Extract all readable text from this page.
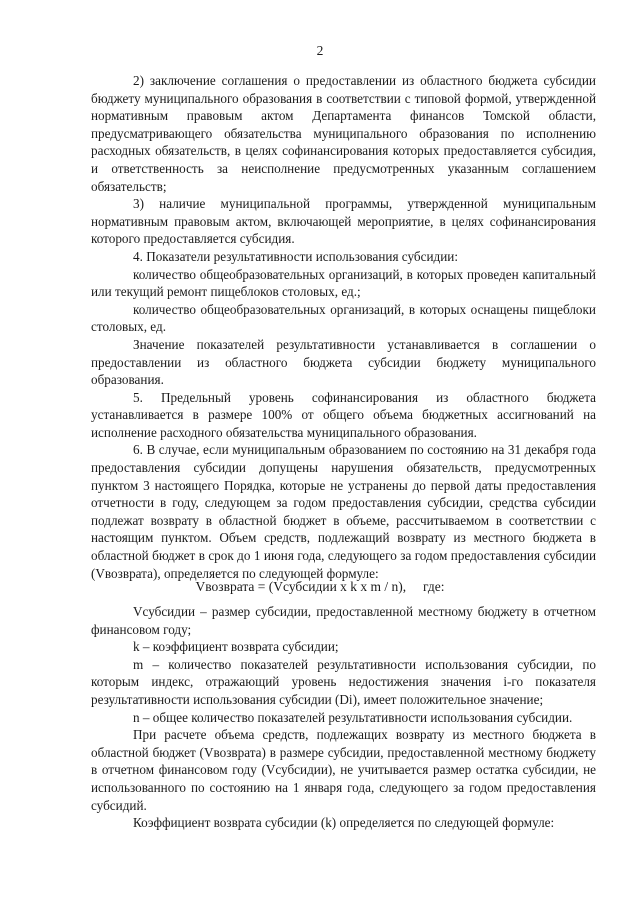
2

2) заключение соглашения о предоставлении из областного бюджета субсидии бюджету муниципального образования в соответствии с типовой формой, утвержденной нормативным правовым актом Департамента финансов Томской области, предусматривающего обязательства муниципального образования по исполнению расходных обязательств, в целях софинансирования которых предоставляется субсидия, и ответственность за неисполнение предусмотренных указанным соглашением обязательств;

3) наличие муниципальной программы, утвержденной муниципальным нормативным правовым актом, включающей мероприятие, в целях софинансирования которого предоставляется субсидия.

4. Показатели результативности использования субсидии:

количество общеобразовательных организаций, в которых проведен капитальный или текущий ремонт пищеблоков столовых, ед.;

количество общеобразовательных организаций, в которых оснащены пищеблоки столовых, ед.

Значение показателей результативности устанавливается в соглашении о предоставлении из областного бюджета субсидии бюджету муниципального образования.

5. Предельный уровень софинансирования из областного бюджета устанавливается в размере 100% от общего объема бюджетных ассигнований на исполнение расходного обязательства муниципального образования.

6. В случае, если муниципальным образованием по состоянию на 31 декабря года предоставления субсидии допущены нарушения обязательств, предусмотренных пунктом 3 настоящего Порядка, которые не устранены до первой даты предоставления отчетности в году, следующем за годом предоставления субсидии, средства субсидии подлежат возврату в областной бюджет в объеме, рассчитываемом в соответствии с настоящим пунктом. Объем средств, подлежащий возврату из местного бюджета в областной бюджет в срок до 1 июня года, следующего за годом предоставления субсидии (Vвозврата), определяется по следующей формуле:

Vвозврата = (Vсубсидии x k x m / n),     где:

Vсубсидии – размер субсидии, предоставленной местному бюджету в отчетном финансовом году;

k – коэффициент возврата субсидии;

m – количество показателей результативности использования субсидии, по которым индекс, отражающий уровень недостижения значения i-го показателя результативности использования субсидии (Di), имеет положительное значение;

n – общее количество показателей результативности использования субсидии.

При расчете объема средств, подлежащих возврату из местного бюджета в областной бюджет (Vвозврата) в размере субсидии, предоставленной местному бюджету в отчетном финансовом году (Vсубсидии), не учитывается размер остатка субсидии, не использованного по состоянию на 1 января года, следующего за годом предоставления субсидий.

Коэффициент возврата субсидии (k) определяется по следующей формуле:
